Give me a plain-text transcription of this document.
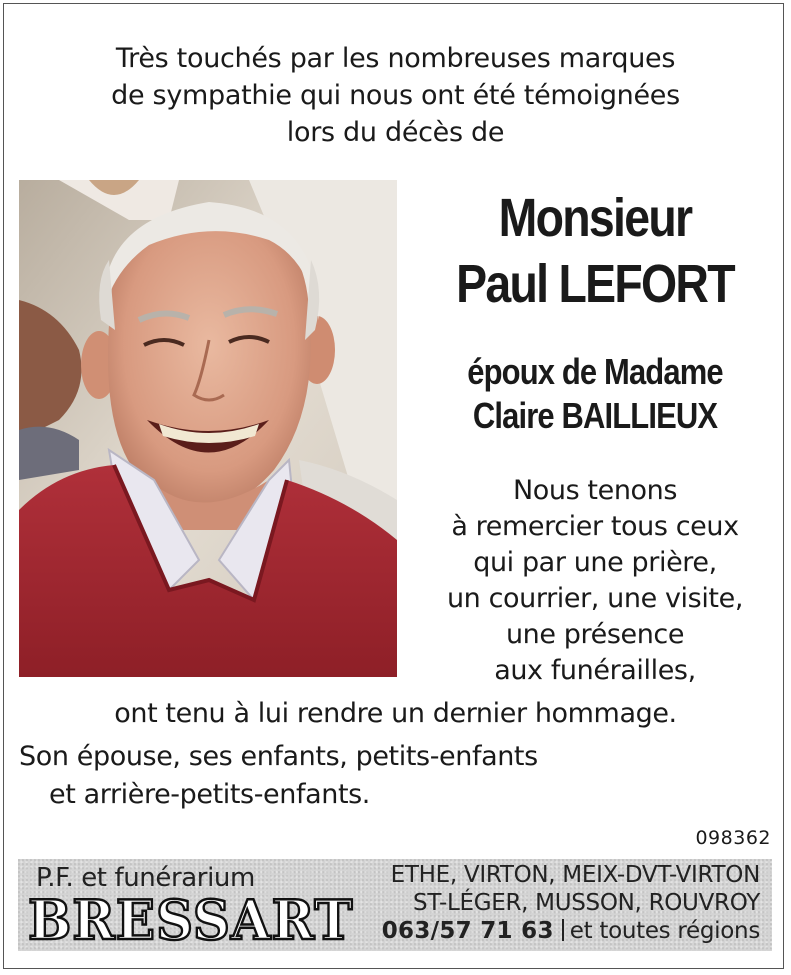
Très touchés par les nombreuses marques
de sympathie qui nous ont été témoignées
lors du décès de
Monsieur
Paul LEFORT
époux de Madame
Claire BAILLIEUX
Nous tenons
à remercier tous ceux
qui par une prière,
un courrier, une visite,
une présence
aux funérailles,
ont tenu à lui rendre un dernier hommage.
Son épouse, ses enfants, petits-enfants
et arrière-petits-enfants.
098362
P.F. et funérarium
BRESSART
ETHE, VIRTON, MEIX-DVT-VIRTON
ST-LÉGER, MUSSON, ROUVROY
063/57 71 63 et toutes régions
